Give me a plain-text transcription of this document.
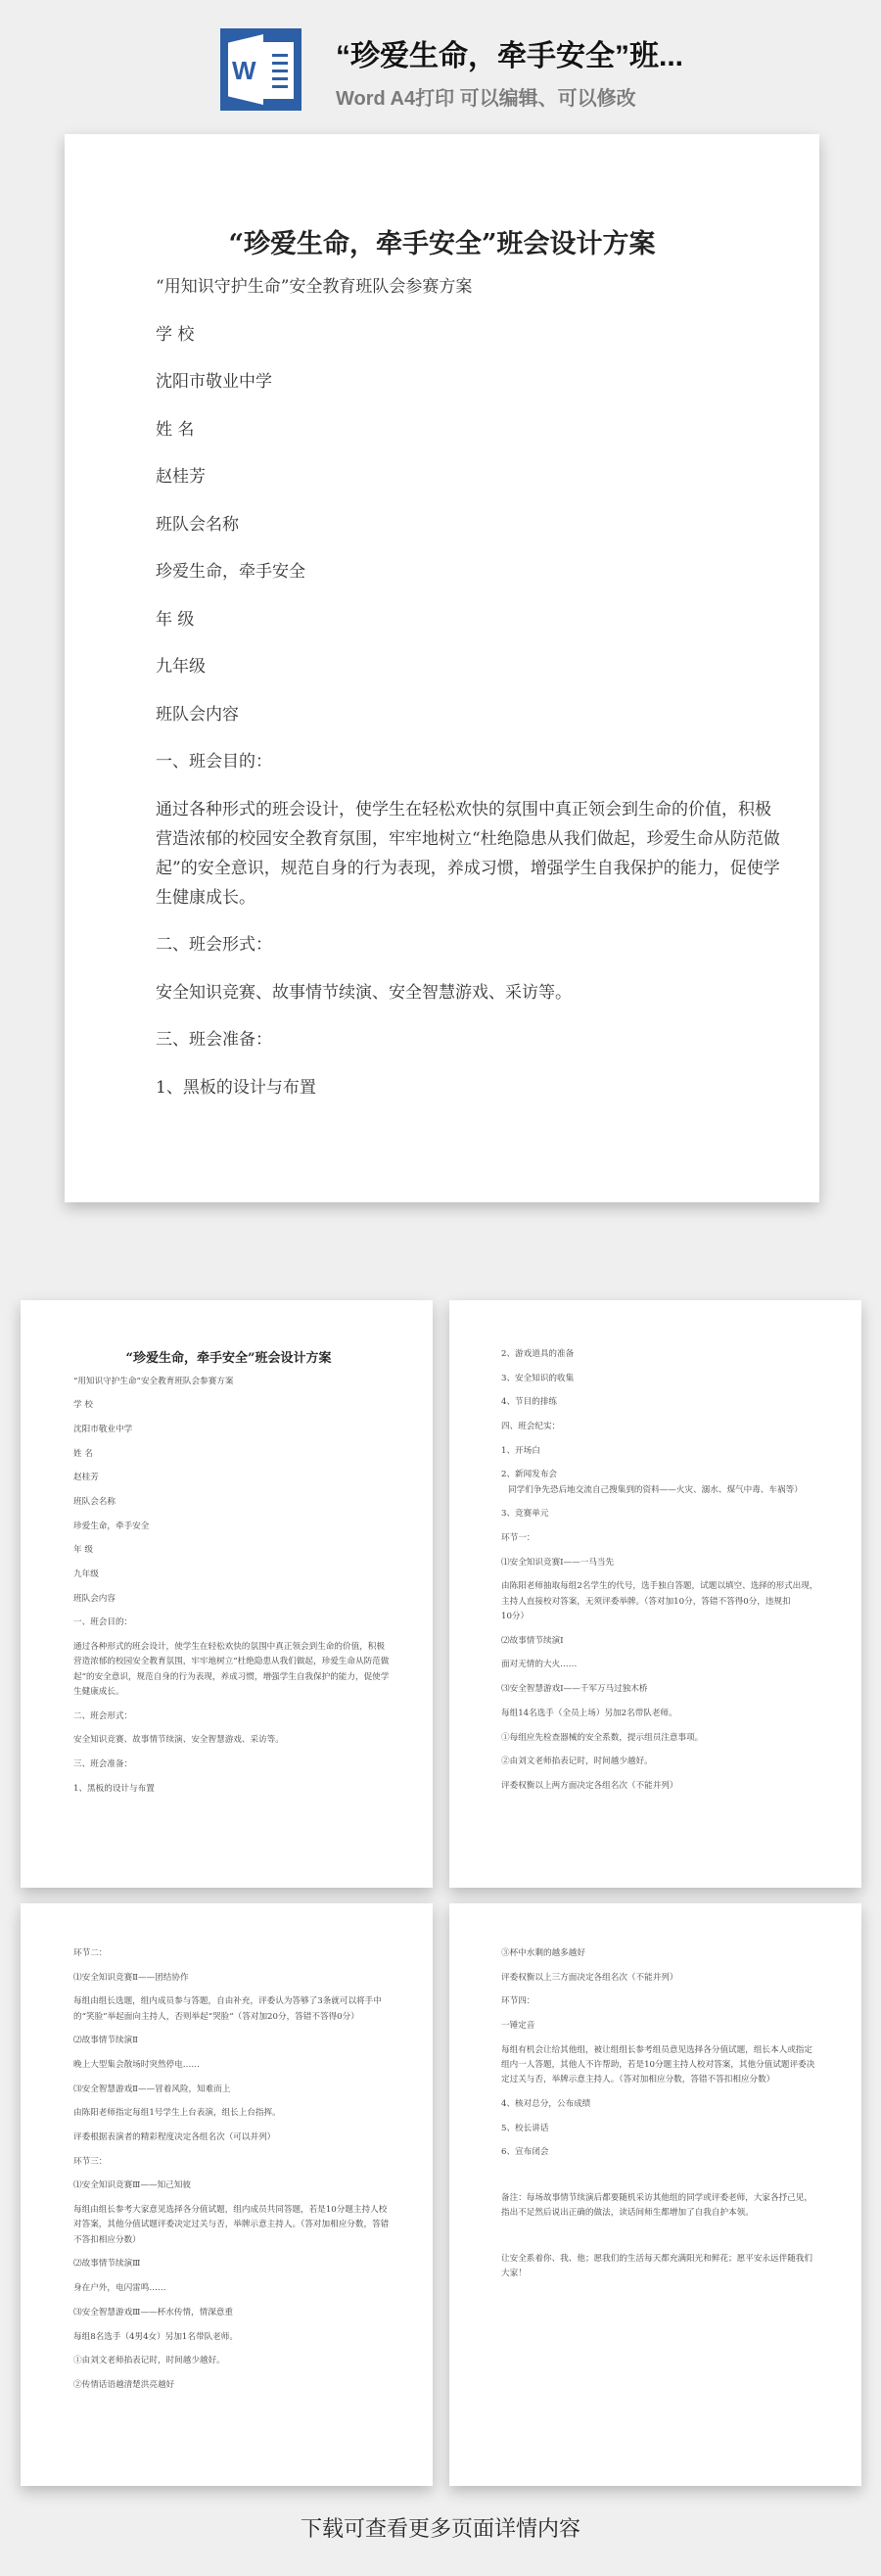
W	“珍爱生命，牵手安全”班...
Word A4打印 可以编辑、可以修改
“珍爱生命，牵手安全”班会设计方案
“用知识守护生命”安全教育班队会参赛方案
学 校
沈阳市敬业中学
姓 名
赵桂芳
班队会名称
珍爱生命，牵手安全
年 级
九年级
班队会内容
一、班会目的：
通过各种形式的班会设计，使学生在轻松欢快的氛围中真正领会到生命的价值，积极
营造浓郁的校园安全教育氛围，牢牢地树立“杜绝隐患从我们做起，珍爱生命从防范做
起”的安全意识，规范自身的行为表现，养成习惯，增强学生自我保护的能力，促使学
生健康成长。
二、班会形式：
安全知识竞赛、故事情节续演、安全智慧游戏、采访等。
三、班会准备：
1、黑板的设计与布置
“珍爱生命，牵手安全”班会设计方案
“用知识守护生命”安全教育班队会参赛方案
学 校
沈阳市敬业中学
姓 名
赵桂芳
班队会名称
珍爱生命，牵手安全
年 级
九年级
班队会内容
一、班会目的：
通过各种形式的班会设计，使学生在轻松欢快的氛围中真正领会到生命的价值，积极
营造浓郁的校园安全教育氛围，牢牢地树立“杜绝隐患从我们做起，珍爱生命从防范做
起”的安全意识，规范自身的行为表现，养成习惯，增强学生自我保护的能力，促使学
生健康成长。
二、班会形式：
安全知识竞赛、故事情节续演、安全智慧游戏、采访等。
三、班会准备：
1、黑板的设计与布置
2、游戏道具的准备
3、安全知识的收集
4、节目的排练
四、班会纪实：
1、开场白
2、新闻发布会
同学们争先恐后地交流自己搜集到的资料——火灾、溺水、煤气中毒、车祸等）
3、竞赛单元
环节一：
⑴安全知识竞赛Ⅰ——一马当先
由陈阳老师抽取每组2名学生的代号，选手独自答题，试题以填空、选择的形式出现，
主持人直接校对答案，无须评委举牌。（答对加10分，答错不答得0分，违规扣
10分）
⑵故事情节续演Ⅰ
面对无情的大火……
⑶安全智慧游戏Ⅰ——千军万马过独木桥
每组14名选手（全员上场）另加2名带队老师。
①每组应先检查器械的安全系数，提示组员注意事项。
②由刘文老师掐表记时，时间越少越好。
评委权衡以上两方面决定各组名次（不能并列）
环节二：
⑴安全知识竞赛Ⅱ——团结协作
每组由组长选题，组内成员参与答题，自由补充，评委认为答够了3条就可以将手中
的“笑脸”举起面向主持人，否则举起“哭脸”（答对加20分，答错不答得0分）
⑵故事情节续演Ⅱ
晚上大型集会散场时突然停电……
⑶安全智慧游戏Ⅱ——冒着风险，知难而上
由陈阳老师指定每组1号学生上台表演，组长上台指挥。
评委根据表演者的精彩程度决定各组名次（可以并列）
环节三：
⑴安全知识竞赛Ⅲ——知己知彼
每组由组长参考大家意见选择各分值试题，组内成员共同答题，若是10分题主持人校
对答案，其他分值试题评委决定过关与否，举牌示意主持人。（答对加相应分数，答错
不答扣相应分数）
⑵故事情节续演Ⅲ
身在户外，电闪雷鸣……
⑶安全智慧游戏Ⅲ——杯水传情，情深意重
每组8名选手（4男4女）另加1名带队老师。
①由刘文老师掐表记时，时间越少越好。
②传情话语越清楚洪亮越好
③杯中水剩的越多越好
评委权衡以上三方面决定各组名次（不能并列）
环节四：
一锤定音
每组有机会让给其他组，被让组组长参考组员意见选择各分值试题，组长本人或指定
组内一人答题，其他人不许帮助，若是10分题主持人校对答案，其他分值试题评委决
定过关与否，举牌示意主持人。（答对加相应分数，答错不答扣相应分数）
4、核对总分，公布成绩
5、校长讲话
6、宣布闭会
备注：每场故事情节续演后都要随机采访其他组的同学或评委老师，大家各抒己见，
指出不足然后说出正确的做法，读话间师生都增加了自我自护本领。
让安全系着你、我、他；愿我们的生活每天都充满阳光和鲜花；愿平安永远伴随我们
大家！
下载可查看更多页面详情内容
